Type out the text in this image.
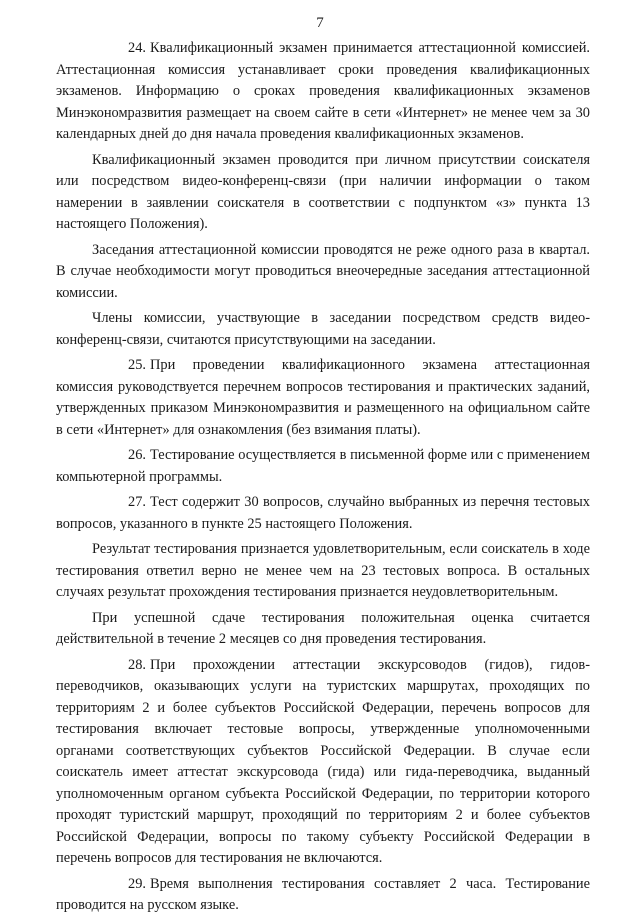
7

24. Квалификационный экзамен принимается аттестационной комиссией. Аттестационная комиссия устанавливает сроки проведения квалификационных экзаменов. Информацию о сроках проведения квалификационных экзаменов Минэкономразвития размещает на своем сайте в сети «Интернет» не менее чем за 30 календарных дней до дня начала проведения квалификационных экзаменов.

Квалификационный экзамен проводится при личном присутствии соискателя или посредством видео-конференц-связи (при наличии информации о таком намерении в заявлении соискателя в соответствии с подпунктом «з» пункта 13 настоящего Положения).

Заседания аттестационной комиссии проводятся не реже одного раза в квартал. В случае необходимости могут проводиться внеочередные заседания аттестационной комиссии.

Члены комиссии, участвующие в заседании посредством средств видео-конференц-связи, считаются присутствующими на заседании.

25. При проведении квалификационного экзамена аттестационная комиссия руководствуется перечнем вопросов тестирования и практических заданий, утвержденных приказом Минэкономразвития и размещенного на официальном сайте в сети «Интернет» для ознакомления (без взимания платы).

26. Тестирование осуществляется в письменной форме или с применением компьютерной программы.

27. Тест содержит 30 вопросов, случайно выбранных из перечня тестовых вопросов, указанного в пункте 25 настоящего Положения.

Результат тестирования признается удовлетворительным, если соискатель в ходе тестирования ответил верно не менее чем на 23 тестовых вопроса. В остальных случаях результат прохождения тестирования признается неудовлетворительным.

При успешной сдаче тестирования положительная оценка считается действительной в течение 2 месяцев со дня проведения тестирования.

28. При прохождении аттестации экскурсоводов (гидов), гидов-переводчиков, оказывающих услуги на туристских маршрутах, проходящих по территориям 2 и более субъектов Российской Федерации, перечень вопросов для тестирования включает тестовые вопросы, утвержденные уполномоченными органами соответствующих субъектов Российской Федерации. В случае если соискатель имеет аттестат экскурсовода (гида) или гида-переводчика, выданный уполномоченным органом субъекта Российской Федерации, по территории которого проходят туристский маршрут, проходящий по территориям 2 и более субъектов Российской Федерации, вопросы по такому субъекту Российской Федерации в перечень вопросов для тестирования не включаются.

29. Время выполнения тестирования составляет 2 часа. Тестирование проводится на русском языке.
